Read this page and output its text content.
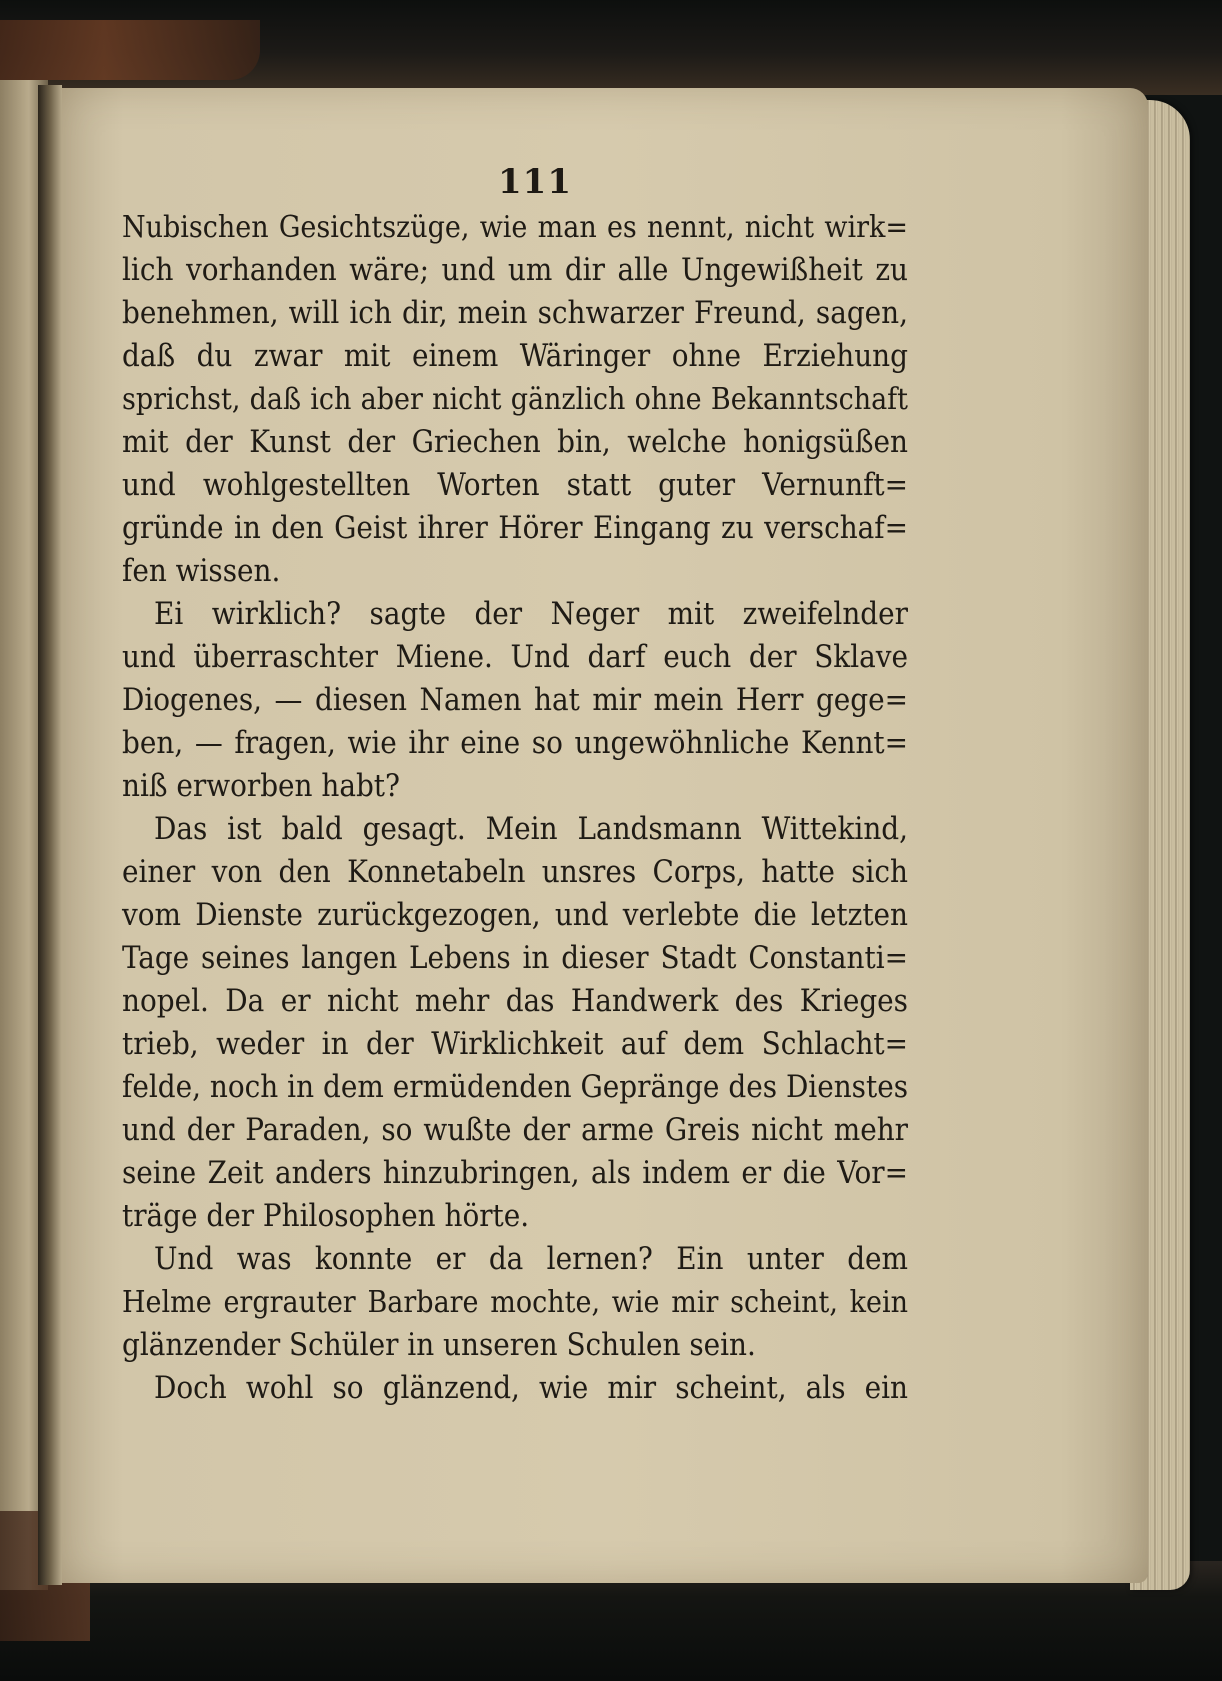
111
Nubischen Gesichtszüge, wie man es nennt, nicht wirk=
lich vorhanden wäre; und um dir alle Ungewißheit zu
benehmen, will ich dir, mein schwarzer Freund, sagen,
daß du zwar mit einem Wäringer ohne Erziehung
sprichst, daß ich aber nicht gänzlich ohne Bekanntschaft
mit der Kunst der Griechen bin, welche honigsüßen
und wohlgestellten Worten statt guter Vernunft=
gründe in den Geist ihrer Hörer Eingang zu verschaf=
fen wissen.
Ei wirklich? sagte der Neger mit zweifelnder
und überraschter Miene. Und darf euch der Sklave
Diogenes, — diesen Namen hat mir mein Herr gege=
ben, — fragen, wie ihr eine so ungewöhnliche Kennt=
niß erworben habt?
Das ist bald gesagt. Mein Landsmann Wittekind,
einer von den Konnetabeln unsres Corps, hatte sich
vom Dienste zurückgezogen, und verlebte die letzten
Tage seines langen Lebens in dieser Stadt Constanti=
nopel. Da er nicht mehr das Handwerk des Krieges
trieb, weder in der Wirklichkeit auf dem Schlacht=
felde, noch in dem ermüdenden Gepränge des Dienstes
und der Paraden, so wußte der arme Greis nicht mehr
seine Zeit anders hinzubringen, als indem er die Vor=
träge der Philosophen hörte.
Und was konnte er da lernen? Ein unter dem
Helme ergrauter Barbare mochte, wie mir scheint, kein
glänzender Schüler in unseren Schulen sein.
Doch wohl so glänzend, wie mir scheint, als ein
